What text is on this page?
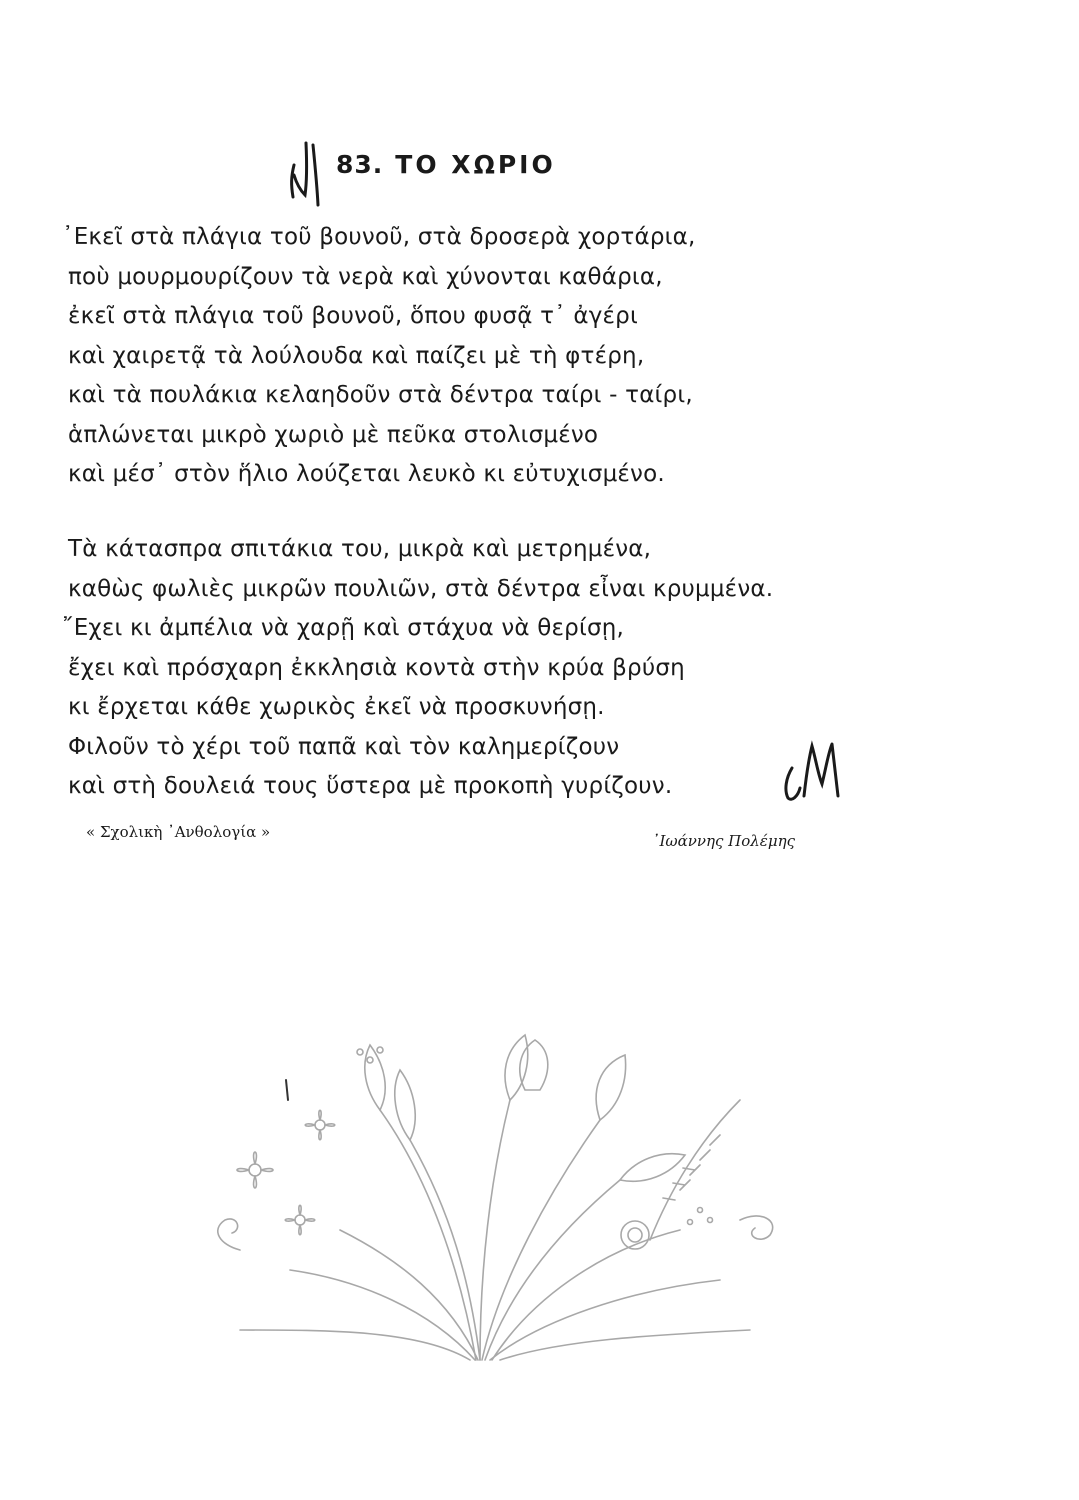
83. ΤΟ ΧΩΡΙΟ
᾿Εκεῖ στὰ πλάγια τοῦ βουνοῦ, στὰ δροσερὰ χορτάρια,
ποὺ μουρμουρίζουν τὰ νερὰ καὶ χύνονται καθάρια,
ἐκεῖ στὰ πλάγια τοῦ βουνοῦ, ὅπου φυσᾷ τ᾿ ἀγέρι
καὶ χαιρετᾷ τὰ λούλουδα καὶ παίζει μὲ τὴ φτέρη,
καὶ τὰ πουλάκια κελαηδοῦν στὰ δέντρα ταίρι - ταίρι,
ἁπλώνεται μικρὸ χωριὸ μὲ πεῦκα στολισμένο
καὶ μέσ᾿ στὸν ἥλιο λούζεται λευκὸ κι εὐτυχισμένο.
Τὰ κάτασπρα σπιτάκια του, μικρὰ καὶ μετρημένα,
καθὼς φωλιὲς μικρῶν πουλιῶν, στὰ δέντρα εἶναι κρυμμένα.
῎Εχει κι ἀμπέλια νὰ χαρῇ καὶ στάχυα νὰ θερίσῃ,
ἔχει καὶ πρόσχαρη ἐκκλησιὰ κοντὰ στὴν κρύα βρύση
κι ἔρχεται κάθε χωρικὸς ἐκεῖ νὰ προσκυνήσῃ.
Φιλοῦν τὸ χέρι τοῦ παπᾶ καὶ τὸν καλημερίζουν
καὶ στὴ δουλειά τους ὕστερα μὲ προκοπὴ γυρίζουν.
« Σχολικὴ ᾿Ανθολογία »	᾿Ιωάννης Πολέμης
